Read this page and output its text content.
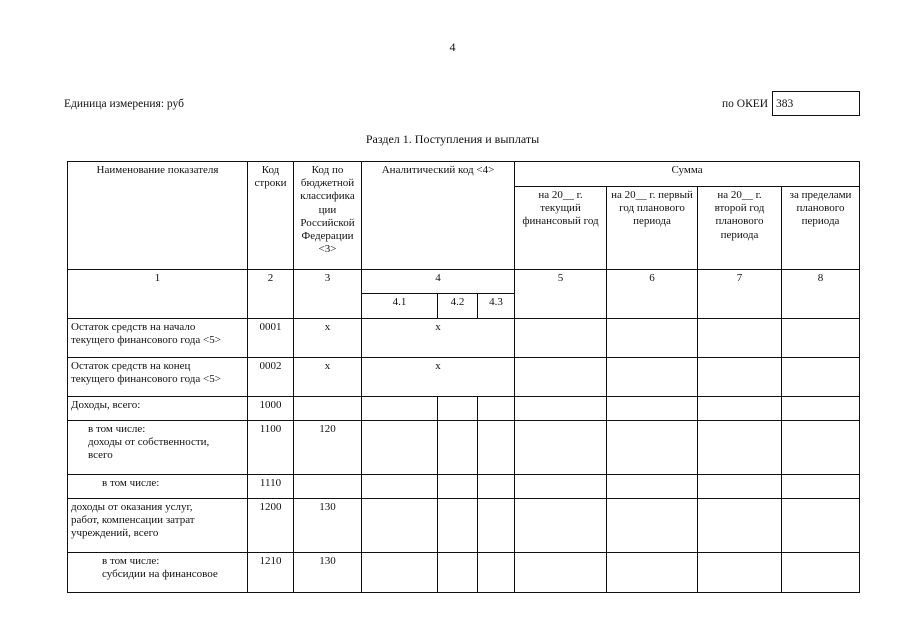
4
Единица измерения: руб	по ОКЕИ 383
Раздел 1. Поступления и выплаты
Наименование показателя	Код строки	Код по бюджетной классифика ции Российской Федерации <3>	Аналитический код <4>			Сумма			
						на 20__ г. текущий финансовый год	на 20__ г. первый год планового периода	на 20__ г. второй год планового периода	за пределами планового периода
1	2	3	4			5	6	7	8
			4.1	4.2	4.3				
Остаток средств на начало
текущего финансового года <5>	0001	x	x						
Остаток средств на конец
текущего финансового года <5>	0002	x	x						
Доходы, всего:	1000								
в том числе:
доходы от собственности,
всего	1100	120							
в том числе:	1110								
доходы от оказания услуг,
работ, компенсации затрат
учреждений, всего	1200	130							
в том числе:
субсидии на финансовое	1210	130							
